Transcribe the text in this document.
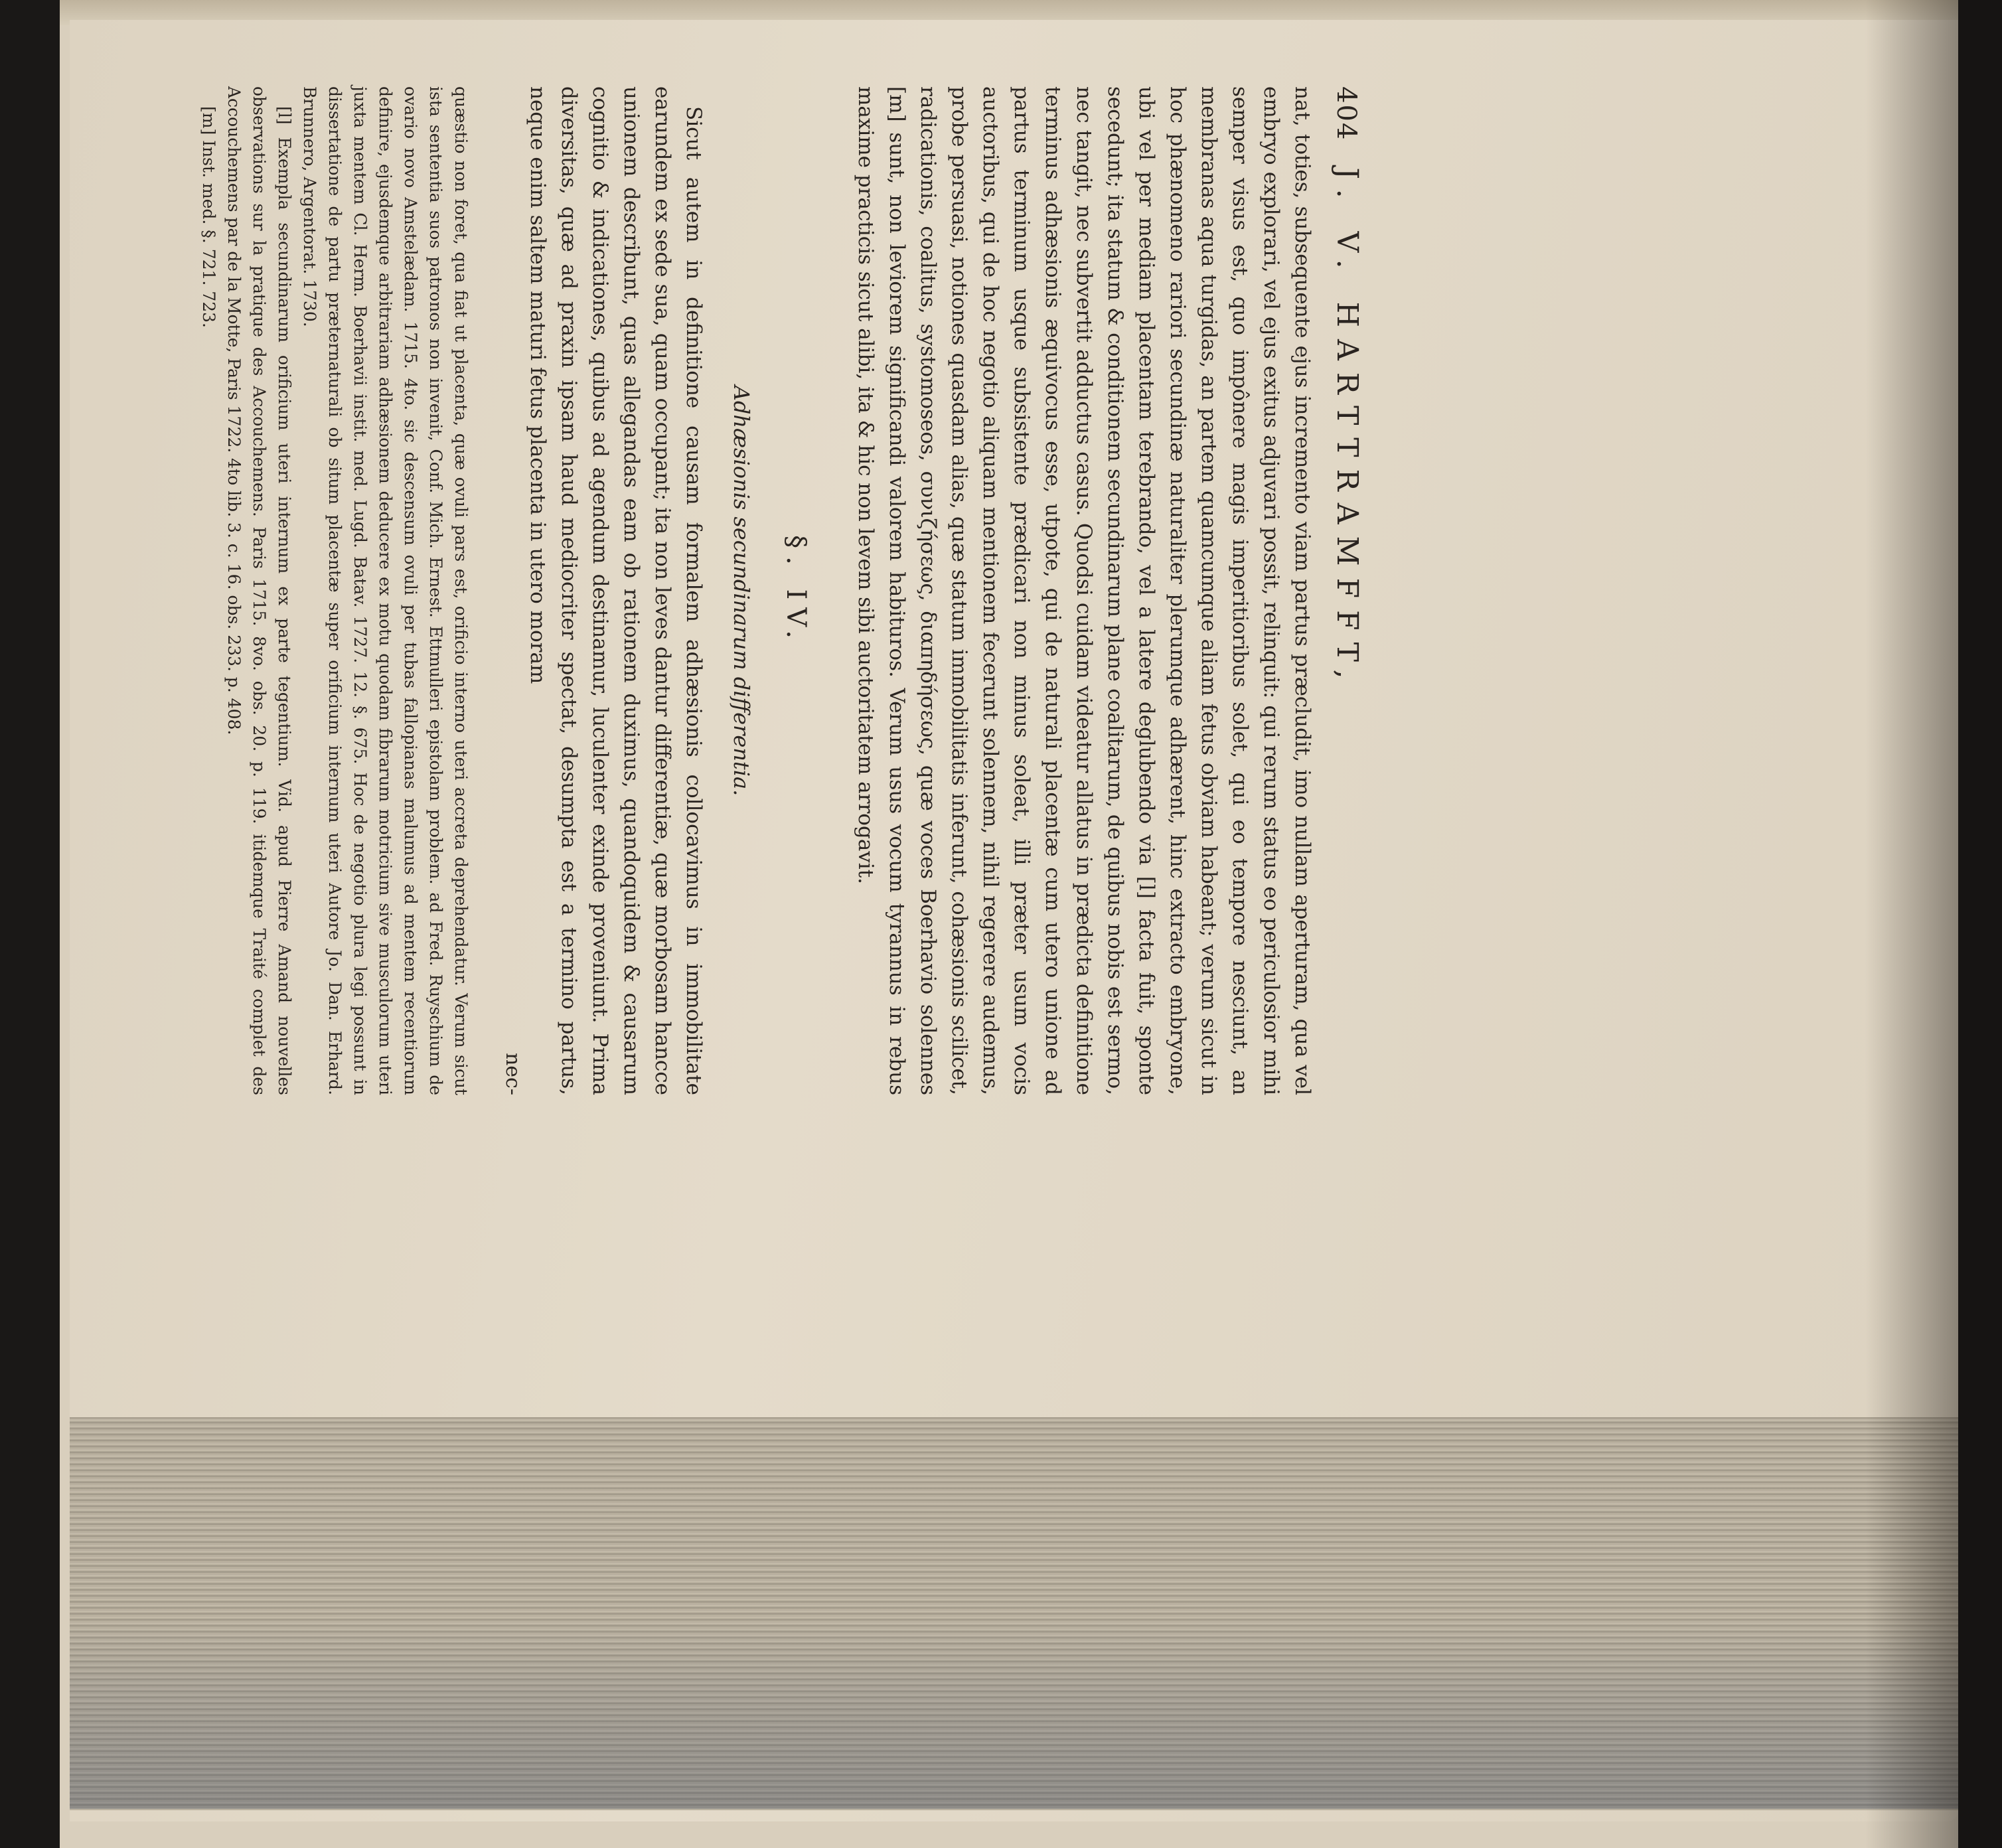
404
J. V. HARTTRAMFFT,

nat, toties, subsequente ejus incremento viam partus præcludit, imo nullam aperturam, qua vel embryo explorari, vel ejus exitus adjuvari possit, relinquit: qui rerum status eo periculosior mihi semper visus est, quo impônere magis imperitioribus solet, qui eo tempore nesciunt, an membranas aqua turgidas, an partem quamcumque aliam fetus obviam habeant; verum sicut in hoc phænomeno rariori secundinæ naturaliter plerumque adhærent, hinc extracto embryone, ubi vel per mediam placentam terebrando, vel a latere deglubendo via [l] facta fuit, sponte secedunt; ita statum & conditionem secundinarum plane coalitarum, de quibus nobis est sermo, nec tangit, nec subvertit adductus casus. Quodsi cuidam videatur allatus in prædicta definitione terminus adhæsionis æquivocus esse, utpote, qui de naturali placentæ cum utero unione ad partus terminum usque subsistente prædicari non minus soleat, illi præter usum vocis auctoribus, qui de hoc negotio aliquam mentionem fecerunt solennem, nihil regerere audemus, probe persuasi, notiones quasdam alias, quæ statum immobilitatis inferunt, cohæsionis scilicet, radicationis, coalitus, systomoseos, συνιζήσεως, διαπηδήσεως, quæ voces Boerhavio solennes [m] sunt, non leviorem significandi valorem habituros. Verum usus vocum tyrannus in rebus maxime practicis sicut alibi, ita & hic non levem sibi auctoritatem arrogavit.

§. IV.
Adhæsionis secundinarum differentia.

Sicut autem in definitione causam formalem adhæsionis collocavimus in immobilitate earundem ex sede sua, quam occupant; ita non leves dantur differentiæ, quæ morbosam hancce unionem describunt, quas allegandas eam ob rationem duximus, quandoquidem & causarum cognitio & indicationes, quibus ad agendum destinamur, luculenter exinde proveniunt. Prima diversitas, quæ ad praxin ipsam haud mediocriter spectat, desumpta est a termino partus, neque enim saltem maturi fetus placenta in utero moram

nec-

quæstio non foret, qua fiat ut placenta, quæ ovuli pars est, orificio interno uteri accreta deprehendatur. Verum sicut ista sententia suos patronos non invenit, Conf. Mich. Ernest. Ettmulleri epistolam problem. ad Fred. Ruyschium de ovario novo Amstelædam. 1715. 4to. sic descensum ovuli per tubas fallopianas malumus ad mentem recentiorum definire, ejusdemque arbitrariam adhæsionem deducere ex motu quodam fibrarum motricium sive musculorum uteri juxta mentem Cl. Herm. Boerhavii instit. med. Lugd. Batav. 1727. 12. §. 675. Hoc de negotio plura legi possunt in dissertatione de partu præternaturali ob situm placentæ super orificium internum uteri Autore Jo. Dan. Erhard. Brunnero, Argentorat. 1730.

[l] Exempla secundinarum orificium uteri internum ex parte tegentium. Vid. apud Pierre Amand nouvelles observations sur la pratique des Accouchemens. Paris 1715. 8vo. obs. 20. p. 119. itidemque Traité complet des Accouchemens par de la Motte, Paris 1722. 4to lib. 3. c. 16. obs. 233. p. 408.

[m] Inst. med. §. 721. 723.
